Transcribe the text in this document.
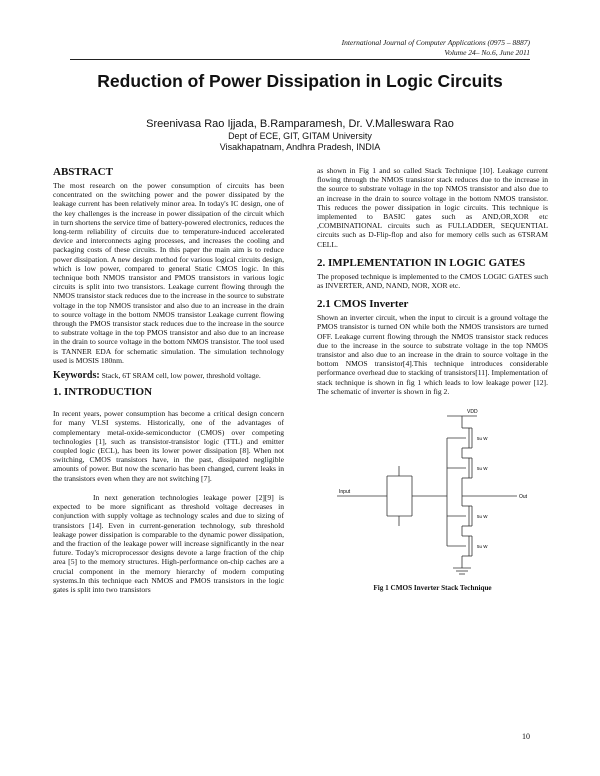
International Journal of Computer Applications (0975 – 8887)
Volume 24– No.6, June 2011
Reduction of Power Dissipation in Logic Circuits
Sreenivasa Rao Ijjada, B.Ramparamesh, Dr. V.Malleswara Rao
Dept of ECE, GIT, GITAM University
Visakhapatnam, Andhra Pradesh, INDIA
ABSTRACT

The most research on the power consumption of circuits has been concentrated on the switching power and the power dissipated by the leakage current has been relatively minor area. In today's IC design, one of the key challenges is the increase in power dissipation of the circuit which in turn shortens the service time of battery-powered electronics, reduces the long-term reliability of circuits due to temperature-induced accelerated device and interconnects aging processes, and increases the cooling and packaging costs of these circuits. In this paper the main aim is to reduce power dissipation. A new design method for various logical circuits design, which is low power, compared to general Static CMOS logic. In this technique both NMOS transistor and PMOS transistors in various logic circuits is split into two transistors. Leakage current flowing through the NMOS transistor stack reduces due to the increase in the source to substrate voltage in the top NMOS transistor and also due to an increase in the drain to source voltage in the bottom NMOS transistor Leakage current flowing through the PMOS transistor stack reduces due to the increase in the source to substrate voltage in the top PMOS transistor and also due to an increase in the drain to source voltage in the bottom NMOS transistor. The tool used is TANNER EDA for schematic simulation. The simulation technology used is MOSIS 180nm.

Keywords: Stack, 6T SRAM cell, low power, threshold voltage.

1. INTRODUCTION

In recent years, power consumption has become a critical design concern for many VLSI systems. Historically, one of the advantages of complementary metal-oxide-semiconductor (CMOS) over competing technologies [1], such as transistor-transistor logic (TTL) and emitter coupled logic (ECL), has been its lower power dissipation [8]. When not switching, CMOS transistors have, in the past, dissipated negligible amounts of power. But now the scenario has been changed, current leaks in the transistors even when they are not switching [7].

In next generation technologies leakage power [2][9] is expected to be more significant as threshold voltage decreases in conjunction with supply voltage as technology scales and due to sizing of transistors [14]. Even in current-generation technology, sub threshold leakage power dissipation is comparable to the dynamic power dissipation, and the fraction of the leakage power will increase significantly in the near future. Today's microprocessor designs devote a large fraction of the chip area [5] to the memory structures. High-performance on-chip caches are a crucial component in the memory hierarchy of modern computing systems.In this technique each NMOS and PMOS transistors in the logic gates is split into two transistors

as shown in Fig 1 and so called Stack Technique [10]. Leakage current flowing through the NMOS transistor stack reduces due to the increase in the source to substrate voltage in the top NMOS transistor and also due to an increase in the drain to source voltage in the bottom NMOS transistor. This reduces the power dissipation in logic circuits. This technique is implemented to BASIC gates such as AND,OR,XOR etc ,COMBINATIONAL circuits such as FULLADDER, SEQUENTIAL circuits such as D-Flip-flop and also for memory cells such as 6TSRAM CELL.

2. IMPLEMENTATION IN LOGIC GATES

The proposed technique is implemented to the CMOS LOGIC GATES such as INVERTER, AND, NAND, NOR, XOR etc.

2.1 CMOS Inverter

Shown an inverter circuit, when the input to circuit is a ground voltage the PMOS transistor is turned ON while both the NMOS transistors are turned OFF. Leakage current flowing through the NMOS transistor stack reduces due to the increase in the source to substrate voltage in the top NMOS transistor and also due to an increase in the drain to source voltage in the bottom NMOS transistor[4].This technique introduces considerable performance overhead due to stacking of transistors[11]. Implementation of stack technique is shown in fig 1 which leads to low leakage power [12]. The schematic of inverter is shown in fig 2.

VDD
Input
Out
5u W
5u W
5u W
5u W
Fig 1 CMOS Inverter Stack Technique
10
